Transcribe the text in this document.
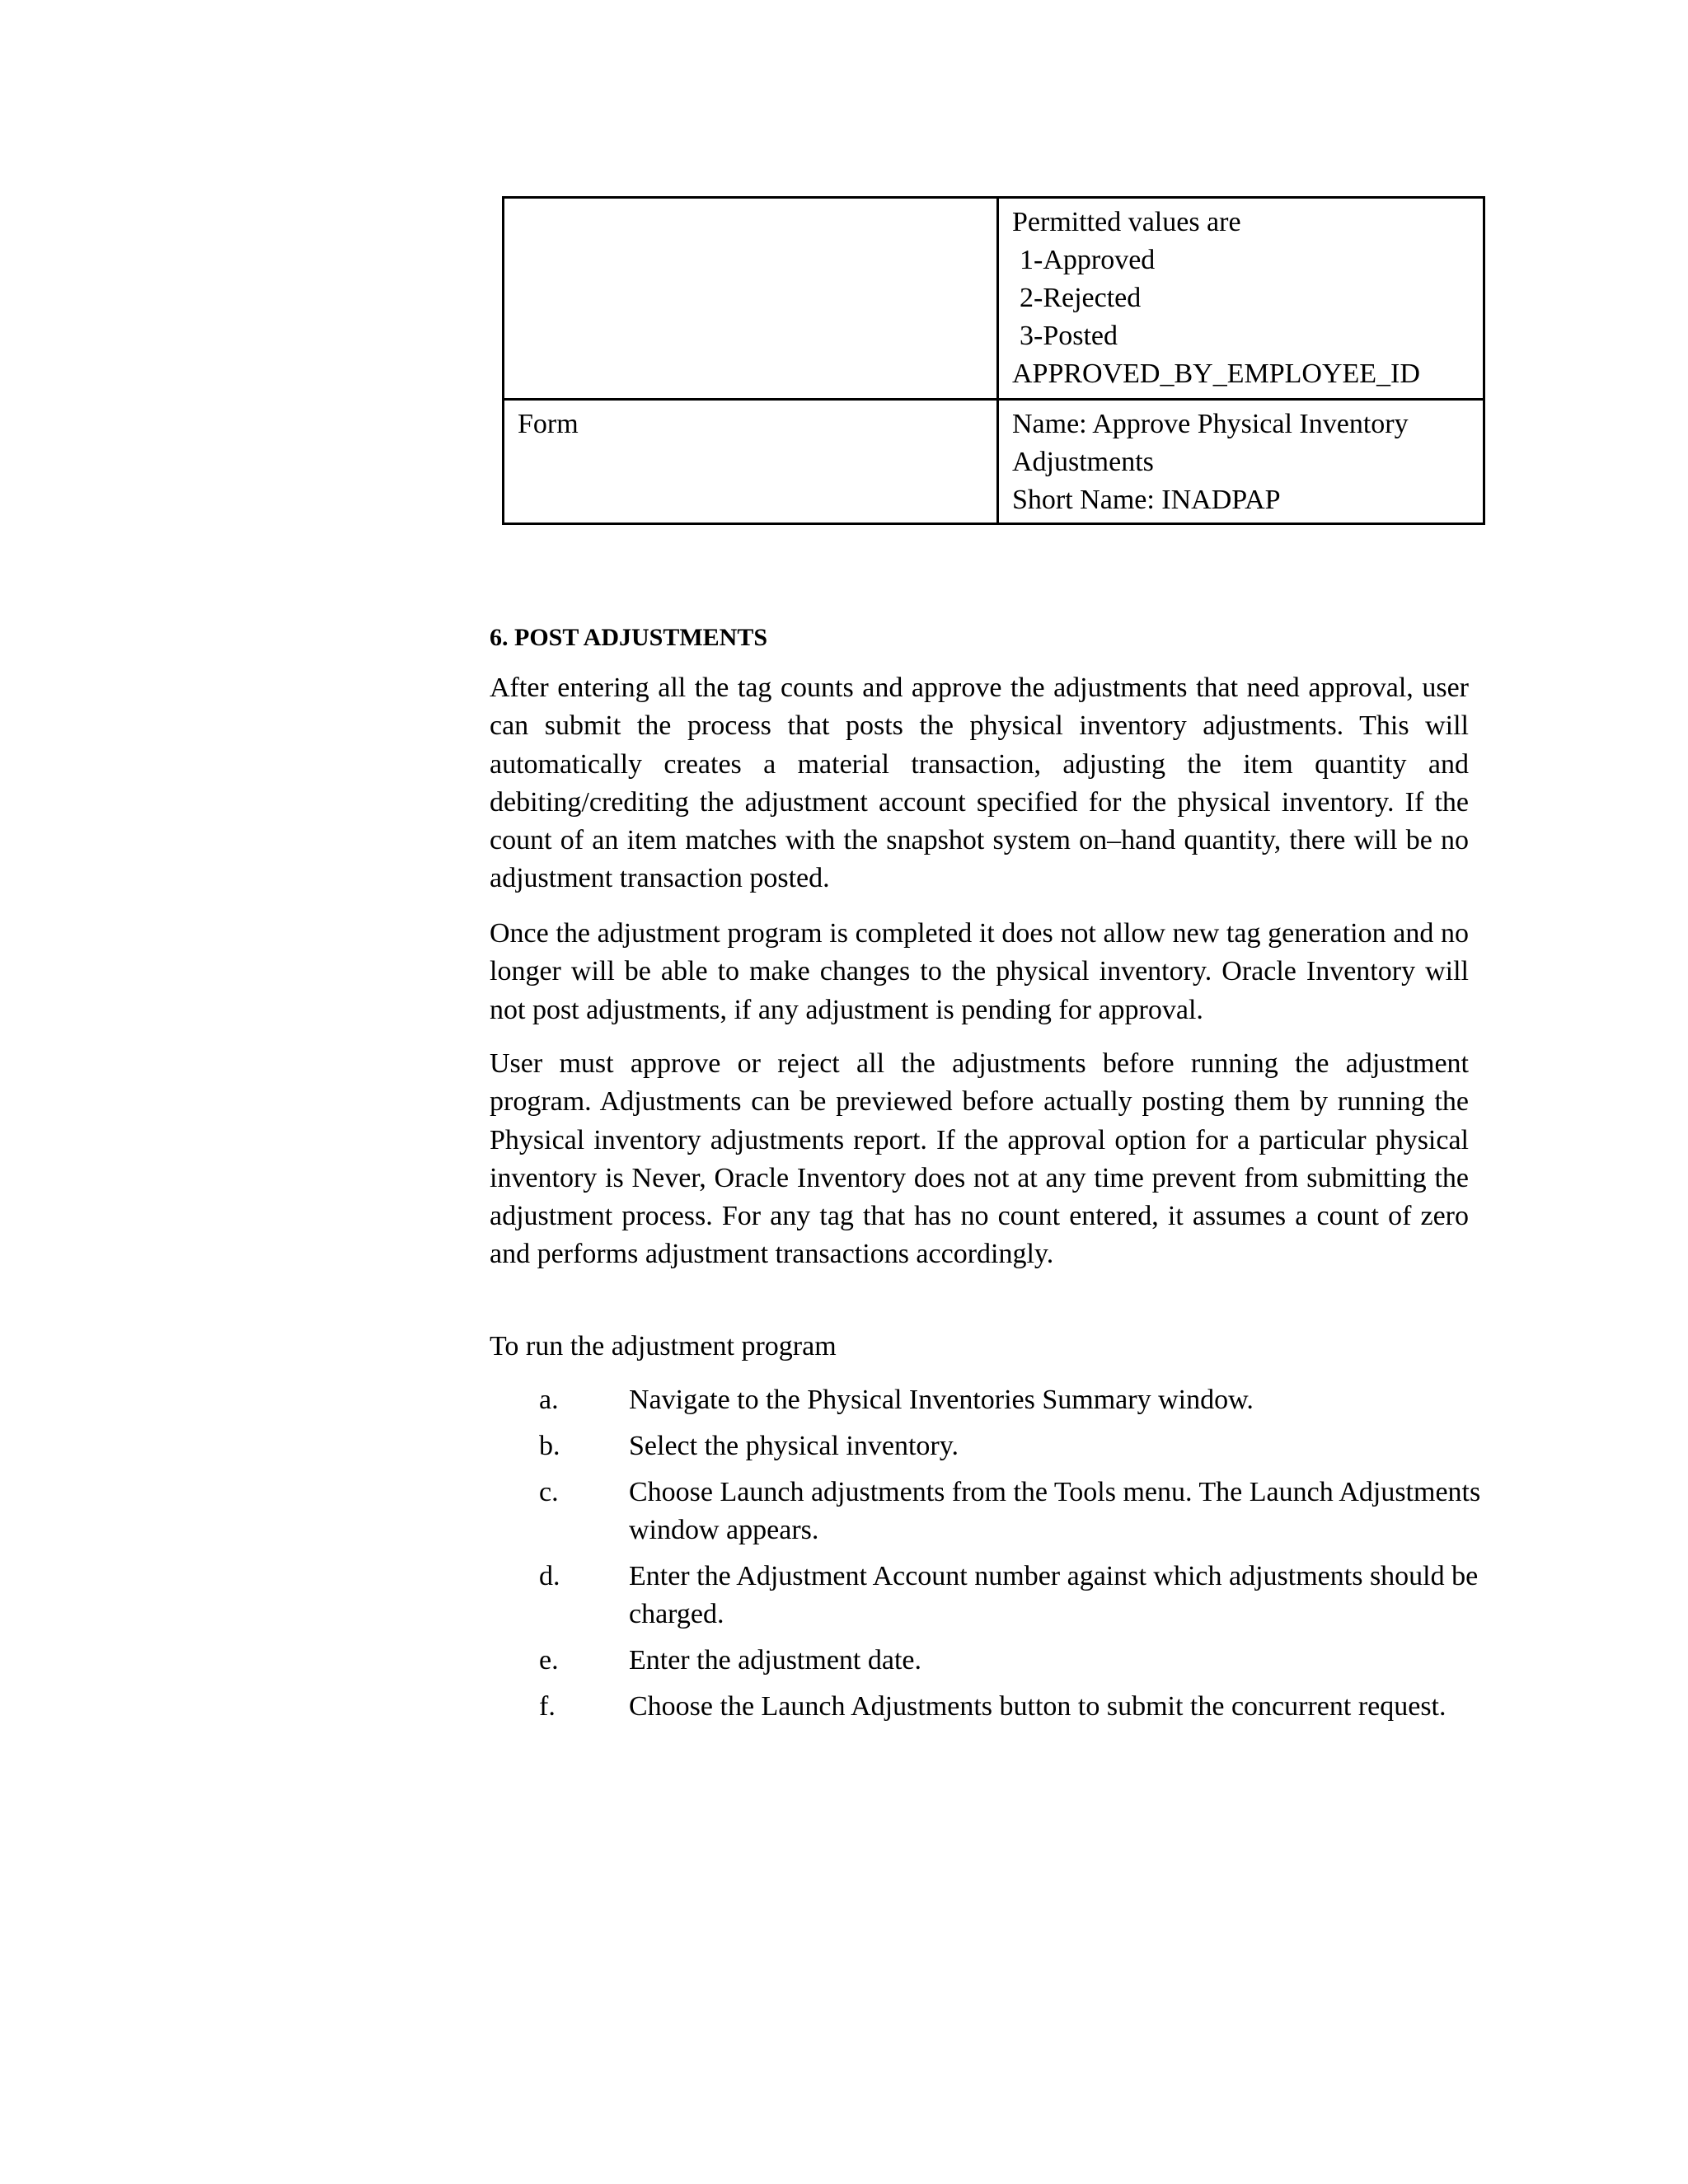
	Permitted values are
1-Approved
2-Rejected
3-Posted
APPROVED_BY_EMPLOYEE_ID

Form	Name: Approve Physical Inventory
Adjustments
Short Name: INADPAP
6. POST ADJUSTMENTS

After entering all the tag counts and approve the adjustments that need approval, user can submit the process that posts the physical inventory adjustments. This will automatically creates a material transaction, adjusting the item quantity and debiting/crediting the adjustment account specified for the physical inventory. If the count of an item matches with the snapshot system on–hand quantity, there will be no adjustment transaction posted.

Once the adjustment program is completed it does not allow new tag generation and no longer will be able to make changes to the physical inventory. Oracle Inventory will not post adjustments, if any adjustment is pending for approval.

User must approve or reject all the adjustments before running the adjustment program. Adjustments can be previewed before actually posting them by running the Physical inventory adjustments report. If the approval option for a particular physical inventory is Never, Oracle Inventory does not at any time prevent from submitting the adjustment process. For any tag that has no count entered, it assumes a count of zero and performs adjustment transactions accordingly.

To run the adjustment program

a.	Navigate to the Physical Inventories Summary window.
b.	Select the physical inventory.
c.	Choose Launch adjustments from the Tools menu. The Launch Adjustments window appears.
d.	Enter the Adjustment Account number against which adjustments should be charged.
e.	Enter the adjustment date.
f.	Choose the Launch Adjustments button to submit the concurrent request.
